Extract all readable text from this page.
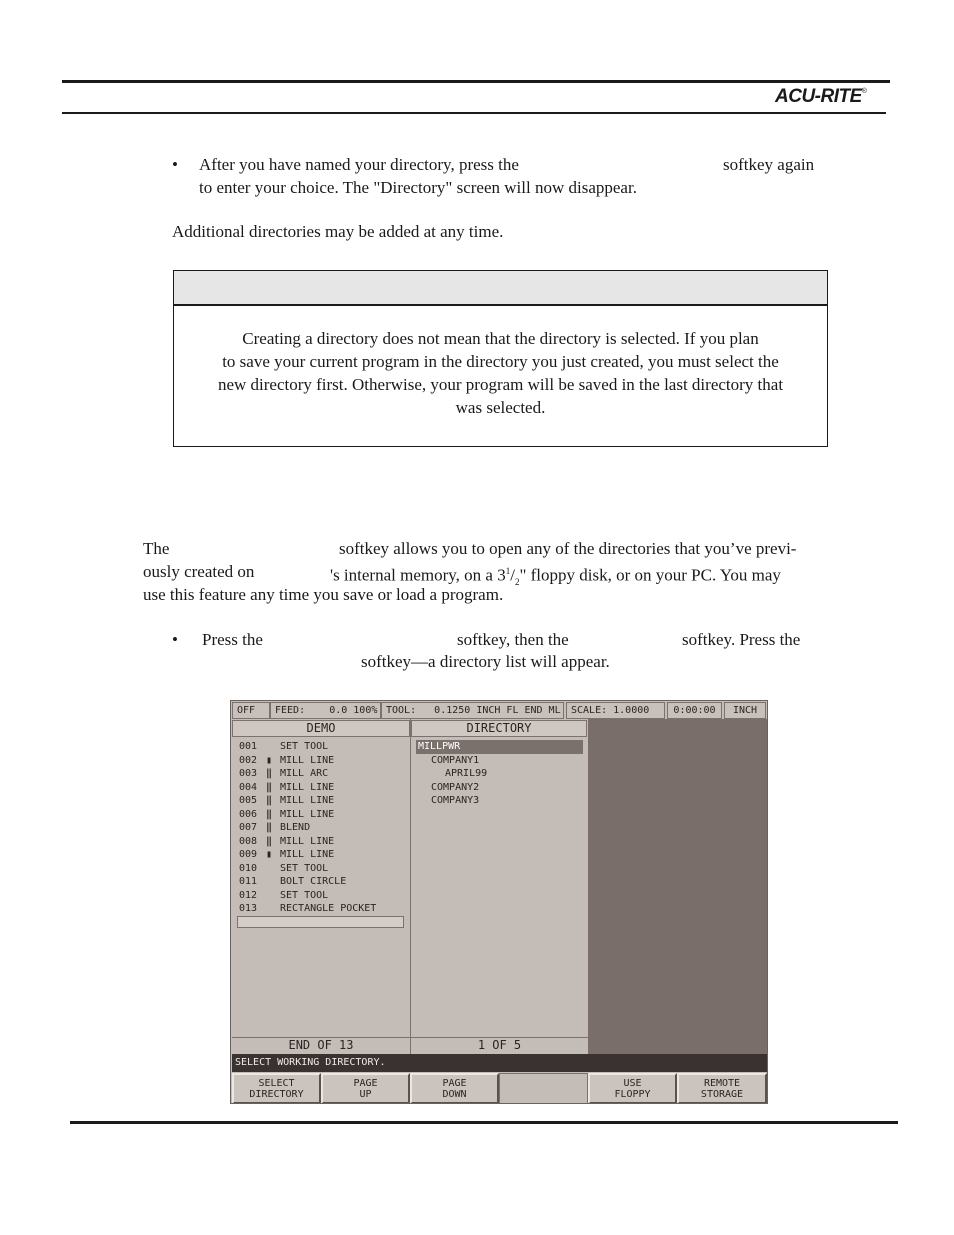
ACU-RITE®
• After you have named your directory, press the	softkey again
to enter your choice. The "Directory" screen will now disappear.
Additional directories may be added at any time.
Creating a directory does not mean that the directory is selected. If you plan
to save your current program in the directory you just created, you must select the
new directory first. Otherwise, your program will be saved in the last directory that
was selected.
The	softkey allows you to open any of the directories that you’ve previ-
ously created on	's internal memory, on a $3^1/_2$" floppy disk, or on your PC. You may
use this feature any time you save or load a program.
• Press the	softkey, then the	softkey. Press the
softkey—a directory list will appear.
OFF	FEED: 0.0 100% TOOL: 0.1250 INCH FL END ML	SCALE: 1.0000	0:00:00	INCH
DEMO	DIRECTORY
001 SET TOOL
002 ▮ MILL LINE
003 ‖ MILL ARC
004 ‖ MILL LINE
005 ‖ MILL LINE
006 ‖ MILL LINE
007 ‖ BLEND
008 ‖ MILL LINE
009 ▮ MILL LINE
010 SET TOOL
011 BOLT CIRCLE
012 SET TOOL
013 RECTANGLE POCKET
MILLPWR
COMPANY1
APRIL99
COMPANY2
COMPANY3
END OF 13	1 OF 5
SELECT WORKING DIRECTORY.
SELECT
DIRECTORY
PAGE
UP
PAGE
DOWN
USE
FLOPPY
REMOTE
STORAGE
